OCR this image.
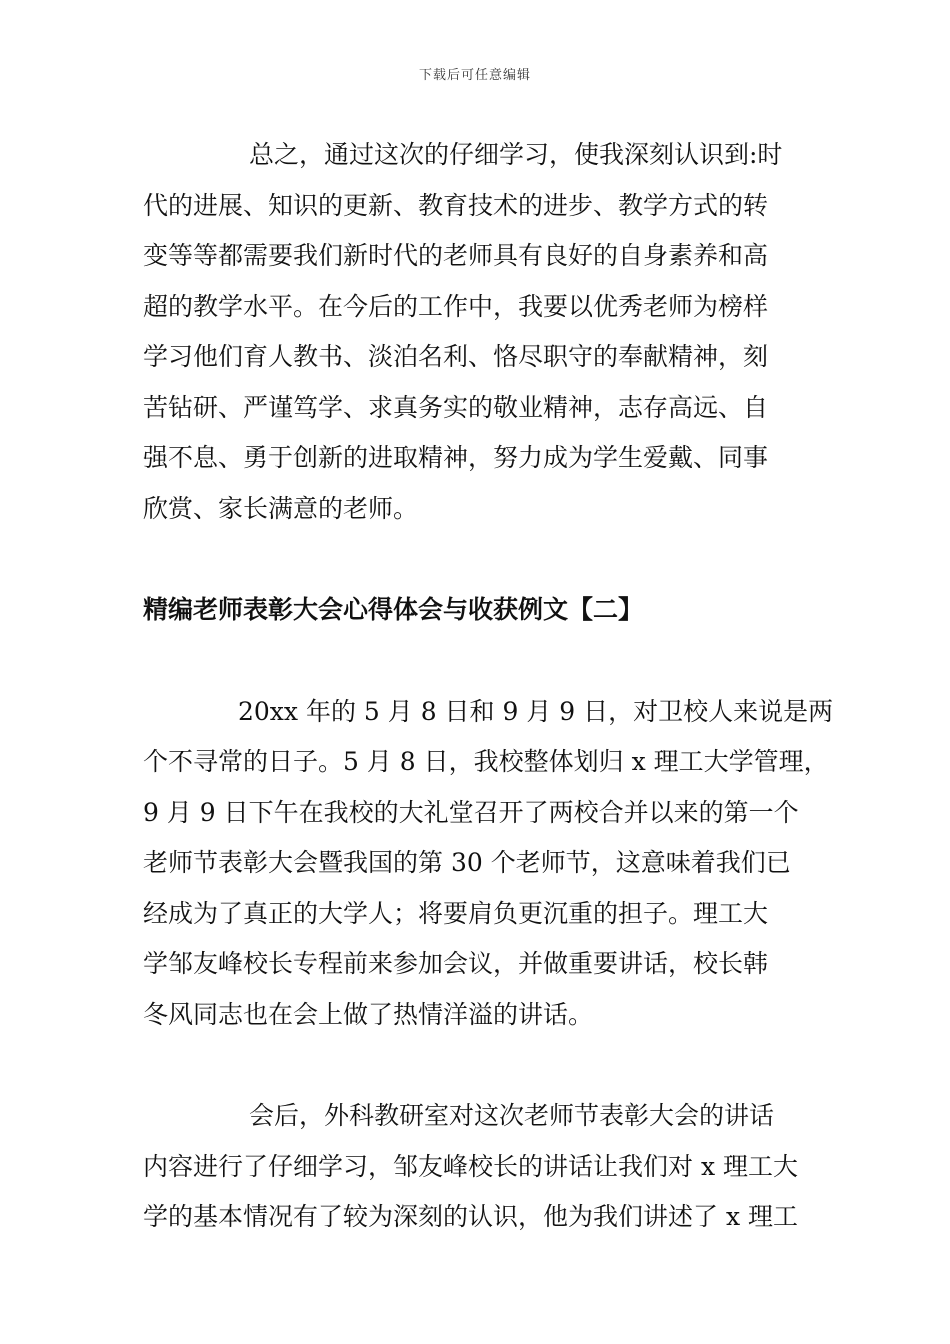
下载后可任意编辑

总之，通过这次的仔细学习，使我深刻认识到:时
代的进展、知识的更新、教育技术的进步、教学方式的转
变等等都需要我们新时代的老师具有良好的自身素养和高
超的教学水平。在今后的工作中，我要以优秀老师为榜样
学习他们育人教书、淡泊名利、恪尽职守的奉献精神，刻
苦钻研、严谨笃学、求真务实的敬业精神，志存高远、自
强不息、勇于创新的进取精神，努力成为学生爱戴、同事
欣赏、家长满意的老师。

精编老师表彰大会心得体会与收获例文【二】

20xx 年的 5 月 8 日和 9 月 9 日，对卫校人来说是两
个不寻常的日子。5 月 8 日，我校整体划归 x 理工大学管理，
9 月 9 日下午在我校的大礼堂召开了两校合并以来的第一个
老师节表彰大会暨我国的第 30 个老师节，这意味着我们已
经成为了真正的大学人；将要肩负更沉重的担子。理工大
学邹友峰校长专程前来参加会议，并做重要讲话，校长韩
冬风同志也在会上做了热情洋溢的讲话。

会后，外科教研室对这次老师节表彰大会的讲话
内容进行了仔细学习，邹友峰校长的讲话让我们对 x 理工大
学的基本情况有了较为深刻的认识，他为我们讲述了 x 理工
